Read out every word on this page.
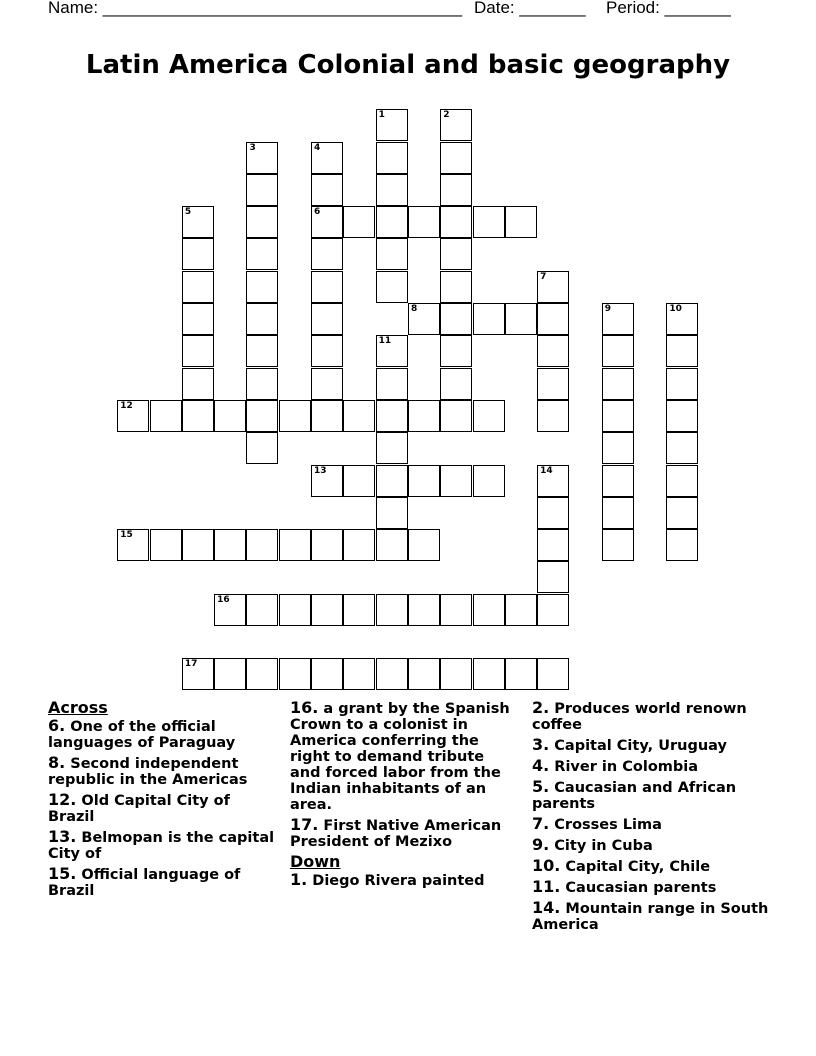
Name: ______________________________________ Date: _______ Period: _______
Latin America Colonial and basic geography
1	2
3	4
6
5
7
8	9	10
11
12
13	14
15
16
17
Across
6. One of the official languages of Paraguay
8. Second independent republic in the Americas
12. Old Capital City of Brazil
13. Belmopan is the capital City of
15. Official language of Brazil
16. a grant by the Spanish Crown to a colonist in America conferring the right to demand tribute and forced labor from the Indian inhabitants of an area.
17. First Native American President of Mezixo
Down
1. Diego Rivera painted
2. Produces world renown coffee
3. Capital City, Uruguay
4. River in Colombia
5. Caucasian and African parents
7. Crosses Lima
9. City in Cuba
10. Capital City, Chile
11. Caucasian parents
14. Mountain range in South America
